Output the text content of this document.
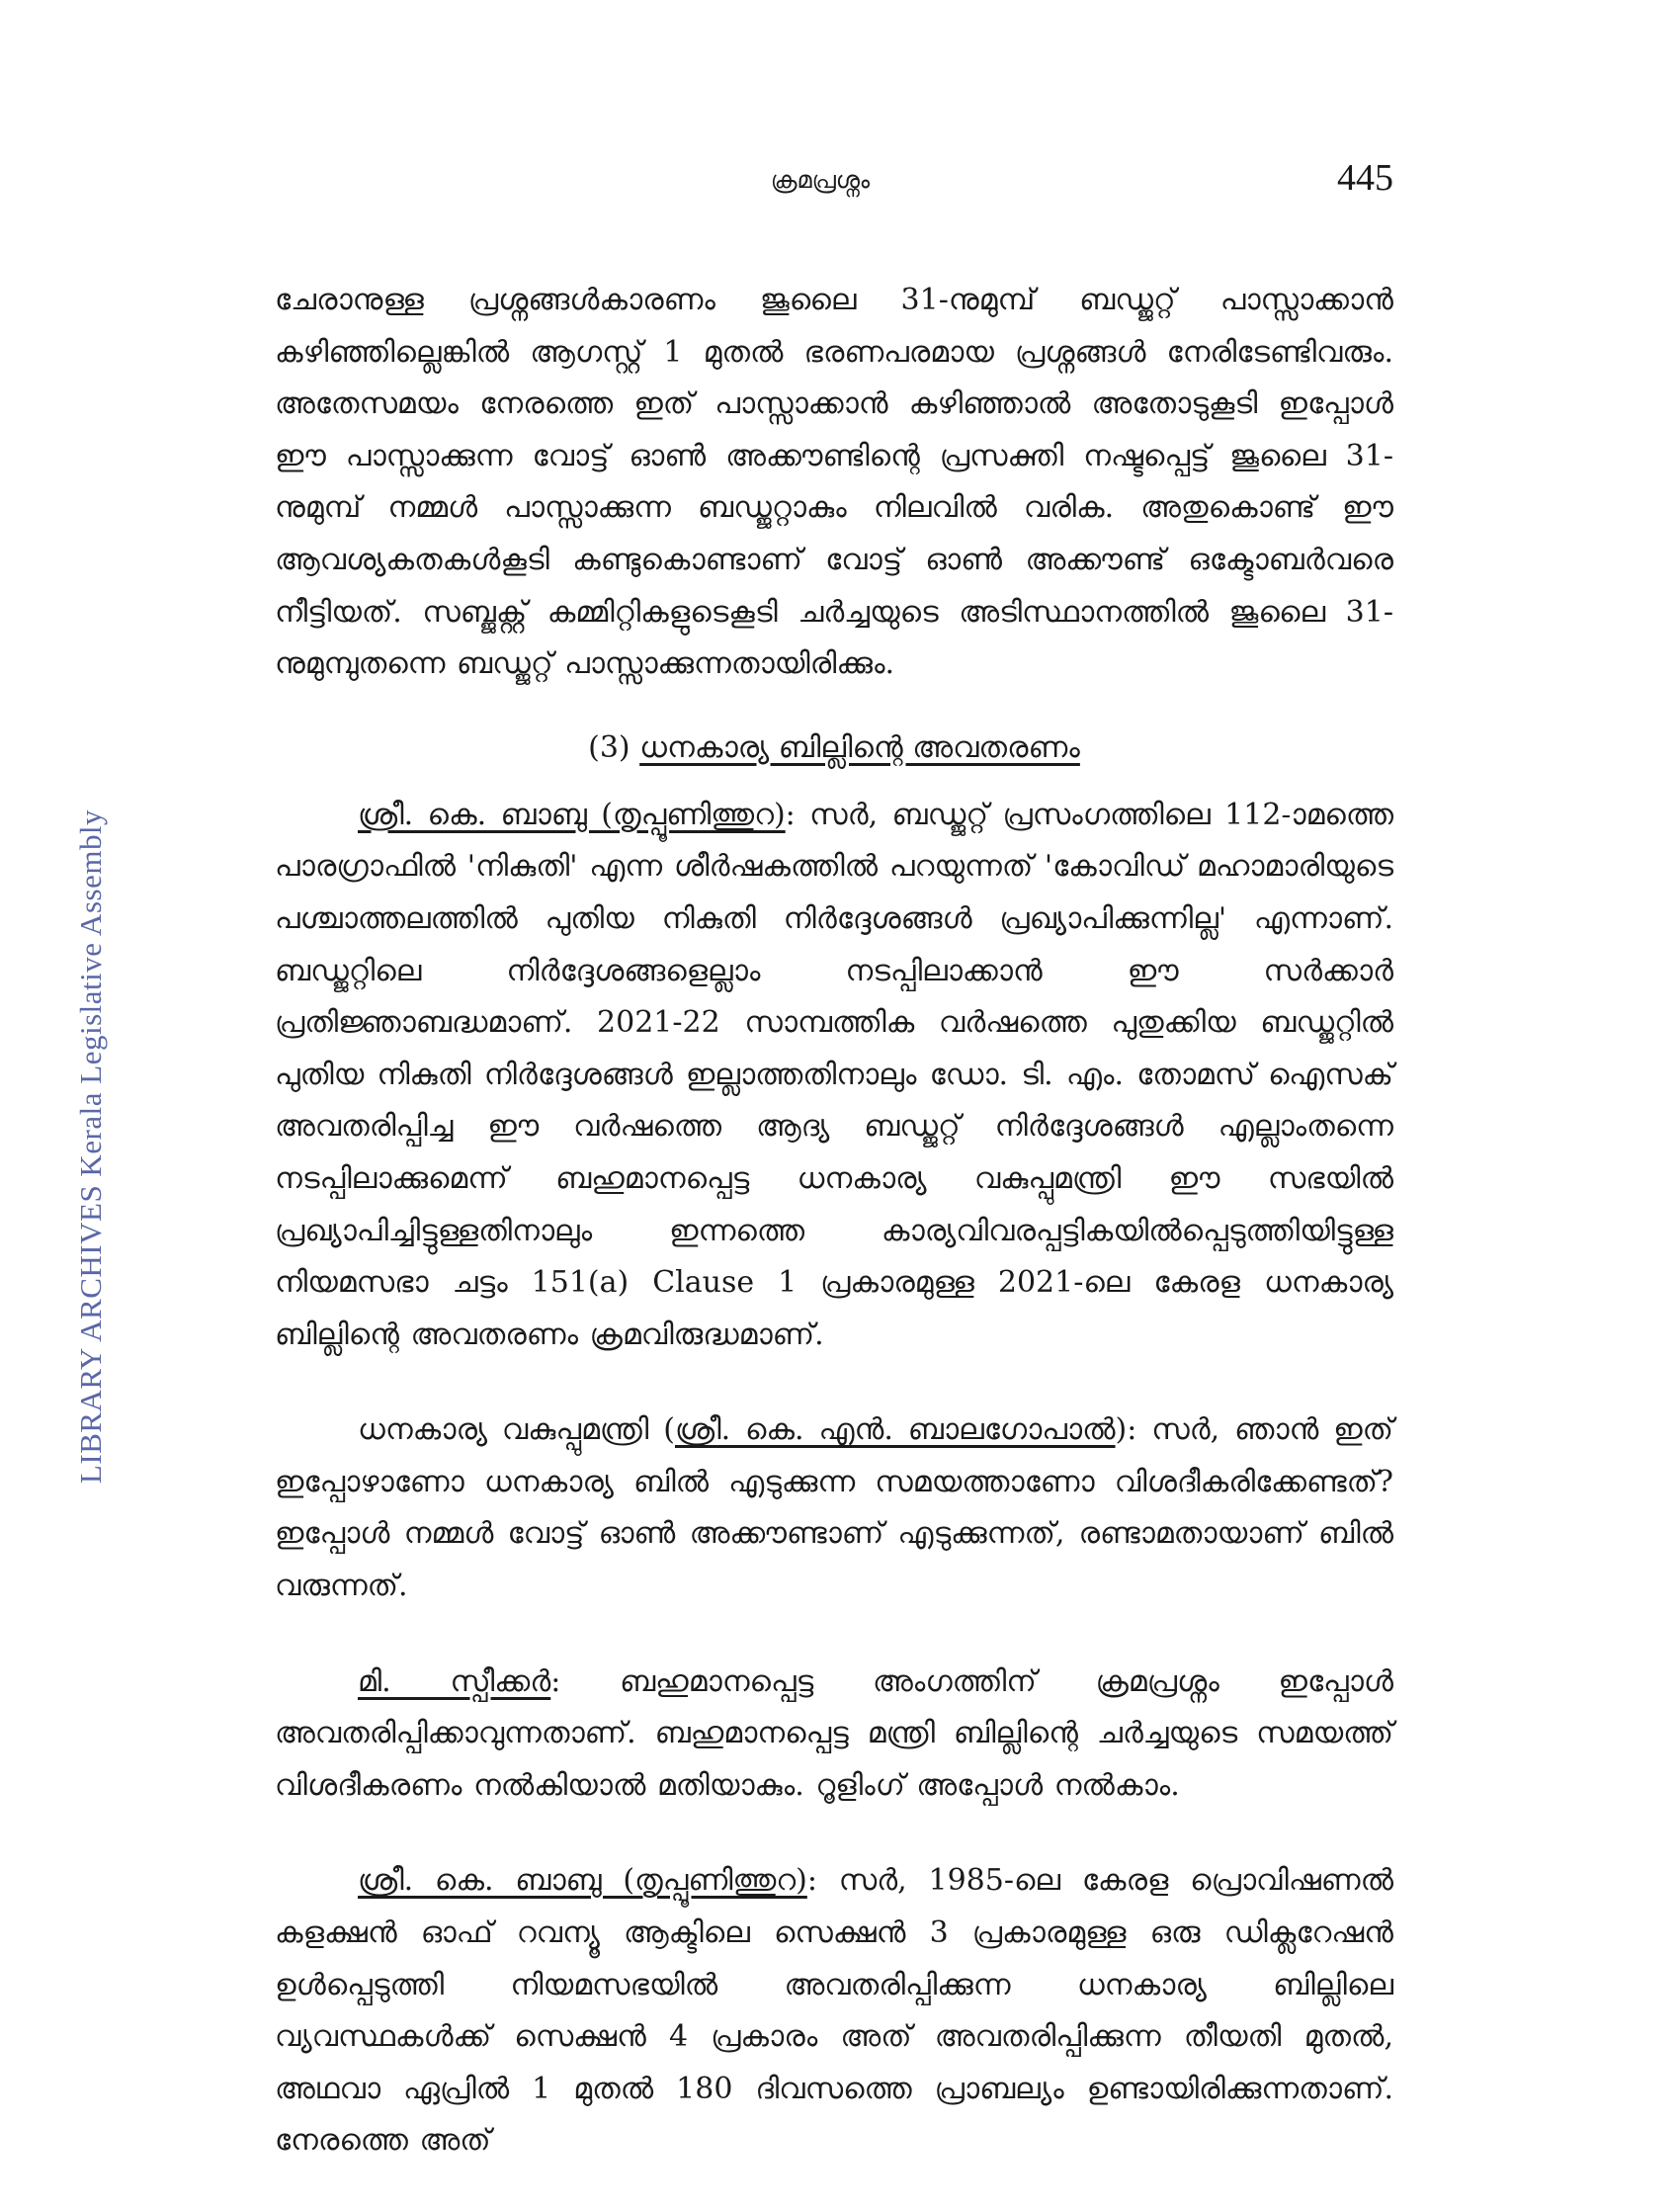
LIBRARY ARCHIVES Kerala Legislative Assembly
ക്രമപ്രശ്നം	445

ചേരാനുള്ള പ്രശ്നങ്ങൾകാരണം ജൂലൈ 31-നുമുമ്പ് ബഡ്ജറ്റ് പാസ്സാക്കാൻ കഴിഞ്ഞില്ലെങ്കിൽ ആഗസ്റ്റ് 1 മുതൽ ഭരണപരമായ പ്രശ്നങ്ങൾ നേരിടേണ്ടിവരും. അതേസമയം നേരത്തെ ഇത് പാസ്സാക്കാൻ കഴിഞ്ഞാൽ അതോടുകൂടി ഇപ്പോൾ ഈ പാസ്സാക്കുന്ന വോട്ട് ഓൺ അക്കൗണ്ടിന്റെ പ്രസക്തി നഷ്ടപ്പെട്ട് ജൂലൈ 31-നുമുമ്പ് നമ്മൾ പാസ്സാക്കുന്ന ബഡ്ജറ്റാകും നിലവിൽ വരിക. അതുകൊണ്ട് ഈ ആവശ്യകതകൾകൂടി കണ്ടുകൊണ്ടാണ് വോട്ട് ഓൺ അക്കൗണ്ട് ഒക്ടോബർവരെ നീട്ടിയത്. സബ്ജക്റ്റ് കമ്മിറ്റികളുടെകൂടി ചർച്ചയുടെ അടിസ്ഥാനത്തിൽ ജൂലൈ 31-നുമുമ്പുതന്നെ ബഡ്ജറ്റ് പാസ്സാക്കുന്നതായിരിക്കും.

(3) ധനകാര്യ ബില്ലിന്റെ അവതരണം

ശ്രീ. കെ. ബാബു (തൃപ്പൂണിത്തുറ): സർ, ബഡ്ജറ്റ് പ്രസംഗത്തിലെ 112-ാമത്തെ പാരഗ്രാഫിൽ 'നികുതി' എന്ന ശീർഷകത്തിൽ പറയുന്നത് 'കോവിഡ് മഹാമാരിയുടെ പശ്ചാത്തലത്തിൽ പുതിയ നികുതി നിർദ്ദേശങ്ങൾ പ്രഖ്യാപിക്കുന്നില്ല' എന്നാണ്. ബഡ്ജറ്റിലെ നിർദ്ദേശങ്ങളെല്ലാം നടപ്പിലാക്കാൻ ഈ സർക്കാർ പ്രതിജ്ഞാബദ്ധമാണ്. 2021-22 സാമ്പത്തിക വർഷത്തെ പുതുക്കിയ ബഡ്ജറ്റിൽ പുതിയ നികുതി നിർദ്ദേശങ്ങൾ ഇല്ലാത്തതിനാലും ഡോ. ടി. എം. തോമസ് ഐസക് അവതരിപ്പിച്ച ഈ വർഷത്തെ ആദ്യ ബഡ്ജറ്റ് നിർദ്ദേശങ്ങൾ എല്ലാംതന്നെ നടപ്പിലാക്കുമെന്ന് ബഹുമാനപ്പെട്ട ധനകാര്യ വകുപ്പുമന്ത്രി ഈ സഭയിൽ പ്രഖ്യാപിച്ചിട്ടുള്ളതിനാലും ഇന്നത്തെ കാര്യവിവരപ്പട്ടികയിൽപ്പെടുത്തിയിട്ടുള്ള നിയമസഭാ ചട്ടം 151(a) Clause 1 പ്രകാരമുള്ള 2021-ലെ കേരള ധനകാര്യ ബില്ലിന്റെ അവതരണം ക്രമവിരുദ്ധമാണ്.

ധനകാര്യ വകുപ്പുമന്ത്രി (ശ്രീ. കെ. എൻ. ബാലഗോപാൽ): സർ, ഞാൻ ഇത് ഇപ്പോഴാണോ ധനകാര്യ ബിൽ എടുക്കുന്ന സമയത്താണോ വിശദീകരിക്കേണ്ടത്? ഇപ്പോൾ നമ്മൾ വോട്ട് ഓൺ അക്കൗണ്ടാണ് എടുക്കുന്നത്, രണ്ടാമതായാണ് ബിൽ വരുന്നത്.

മി. സ്പീക്കർ: ബഹുമാനപ്പെട്ട അംഗത്തിന് ക്രമപ്രശ്നം ഇപ്പോൾ അവതരിപ്പിക്കാവുന്നതാണ്. ബഹുമാനപ്പെട്ട മന്ത്രി ബില്ലിന്റെ ചർച്ചയുടെ സമയത്ത് വിശദീകരണം നൽകിയാൽ മതിയാകും. റൂളിംഗ് അപ്പോൾ നൽകാം.

ശ്രീ. കെ. ബാബു (തൃപ്പൂണിത്തുറ): സർ, 1985-ലെ കേരള പ്രൊവിഷണൽ കളക്ഷൻ ഓഫ് റവന്യൂ ആക്ടിലെ സെക്ഷൻ 3 പ്രകാരമുള്ള ഒരു ഡിക്ലറേഷൻ ഉൾപ്പെടുത്തി നിയമസഭയിൽ അവതരിപ്പിക്കുന്ന ധനകാര്യ ബില്ലിലെ വ്യവസ്ഥകൾക്ക് സെക്ഷൻ 4 പ്രകാരം അത് അവതരിപ്പിക്കുന്ന തീയതി മുതൽ, അഥവാ ഏപ്രിൽ 1 മുതൽ 180 ദിവസത്തെ പ്രാബല്യം ഉണ്ടായിരിക്കുന്നതാണ്. നേരത്തെ അത്
